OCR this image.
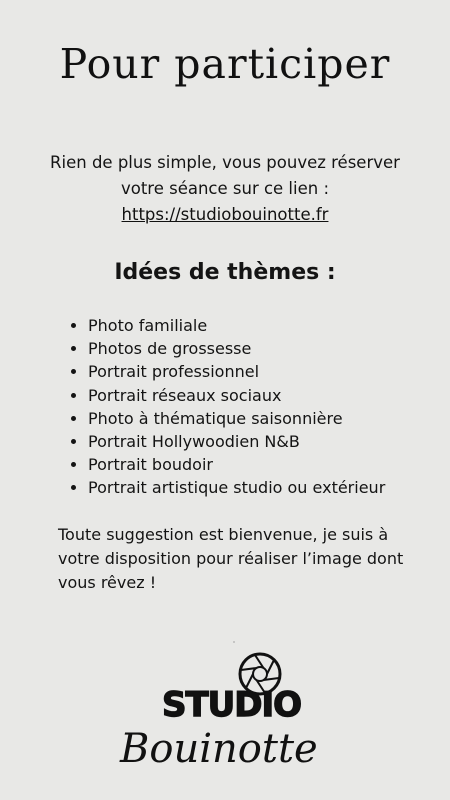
Pour participer
Rien de plus simple, vous pouvez réserver votre séance sur ce lien :
https://studiobouinotte.fr
Idées de thèmes :
• Photo familiale
• Photos de grossesse
• Portrait professionnel
• Portrait réseaux sociaux
• Photo à thématique saisonnière
• Portrait Hollywoodien N&B
• Portrait boudoir
• Portrait artistique studio ou extérieur
Toute suggestion est bienvenue, je suis à votre disposition pour réaliser l’image dont vous rêvez !
STUDIO
Bouinotte
